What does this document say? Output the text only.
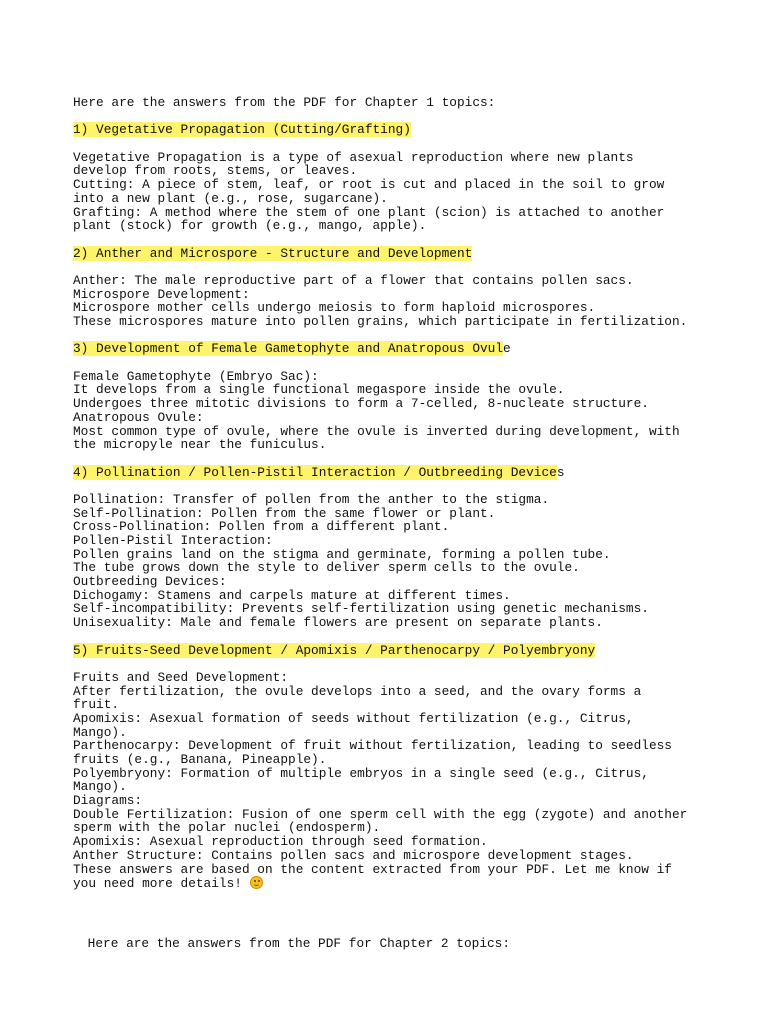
Here are the answers from the PDF for Chapter 1 topics:
1) Vegetative Propagation (Cutting/Grafting)
Vegetative Propagation is a type of asexual reproduction where new plants
develop from roots, stems, or leaves.
Cutting: A piece of stem, leaf, or root is cut and placed in the soil to grow
into a new plant (e.g., rose, sugarcane).
Grafting: A method where the stem of one plant (scion) is attached to another
plant (stock) for growth (e.g., mango, apple).
2) Anther and Microspore - Structure and Development
Anther: The male reproductive part of a flower that contains pollen sacs.
Microspore Development:
Microspore mother cells undergo meiosis to form haploid microspores.
These microspores mature into pollen grains, which participate in fertilization.
3) Development of Female Gametophyte and Anatropous Ovule
Female Gametophyte (Embryo Sac):
It develops from a single functional megaspore inside the ovule.
Undergoes three mitotic divisions to form a 7-celled, 8-nucleate structure.
Anatropous Ovule:
Most common type of ovule, where the ovule is inverted during development, with
the micropyle near the funiculus.
4) Pollination / Pollen-Pistil Interaction / Outbreeding Devices
Pollination: Transfer of pollen from the anther to the stigma.
Self-Pollination: Pollen from the same flower or plant.
Cross-Pollination: Pollen from a different plant.
Pollen-Pistil Interaction:
Pollen grains land on the stigma and germinate, forming a pollen tube.
The tube grows down the style to deliver sperm cells to the ovule.
Outbreeding Devices:
Dichogamy: Stamens and carpels mature at different times.
Self-incompatibility: Prevents self-fertilization using genetic mechanisms.
Unisexuality: Male and female flowers are present on separate plants.
5) Fruits-Seed Development / Apomixis / Parthenocarpy / Polyembryony
Fruits and Seed Development:
After fertilization, the ovule develops into a seed, and the ovary forms a
fruit.
Apomixis: Asexual formation of seeds without fertilization (e.g., Citrus,
Mango).
Parthenocarpy: Development of fruit without fertilization, leading to seedless
fruits (e.g., Banana, Pineapple).
Polyembryony: Formation of multiple embryos in a single seed (e.g., Citrus,
Mango).
Diagrams:
Double Fertilization: Fusion of one sperm cell with the egg (zygote) and another
sperm with the polar nuclei (endosperm).
Apomixis: Asexual reproduction through seed formation.
Anther Structure: Contains pollen sacs and microspore development stages.
These answers are based on the content extracted from your PDF. Let me know if
you need more details!
Here are the answers from the PDF for Chapter 2 topics:
